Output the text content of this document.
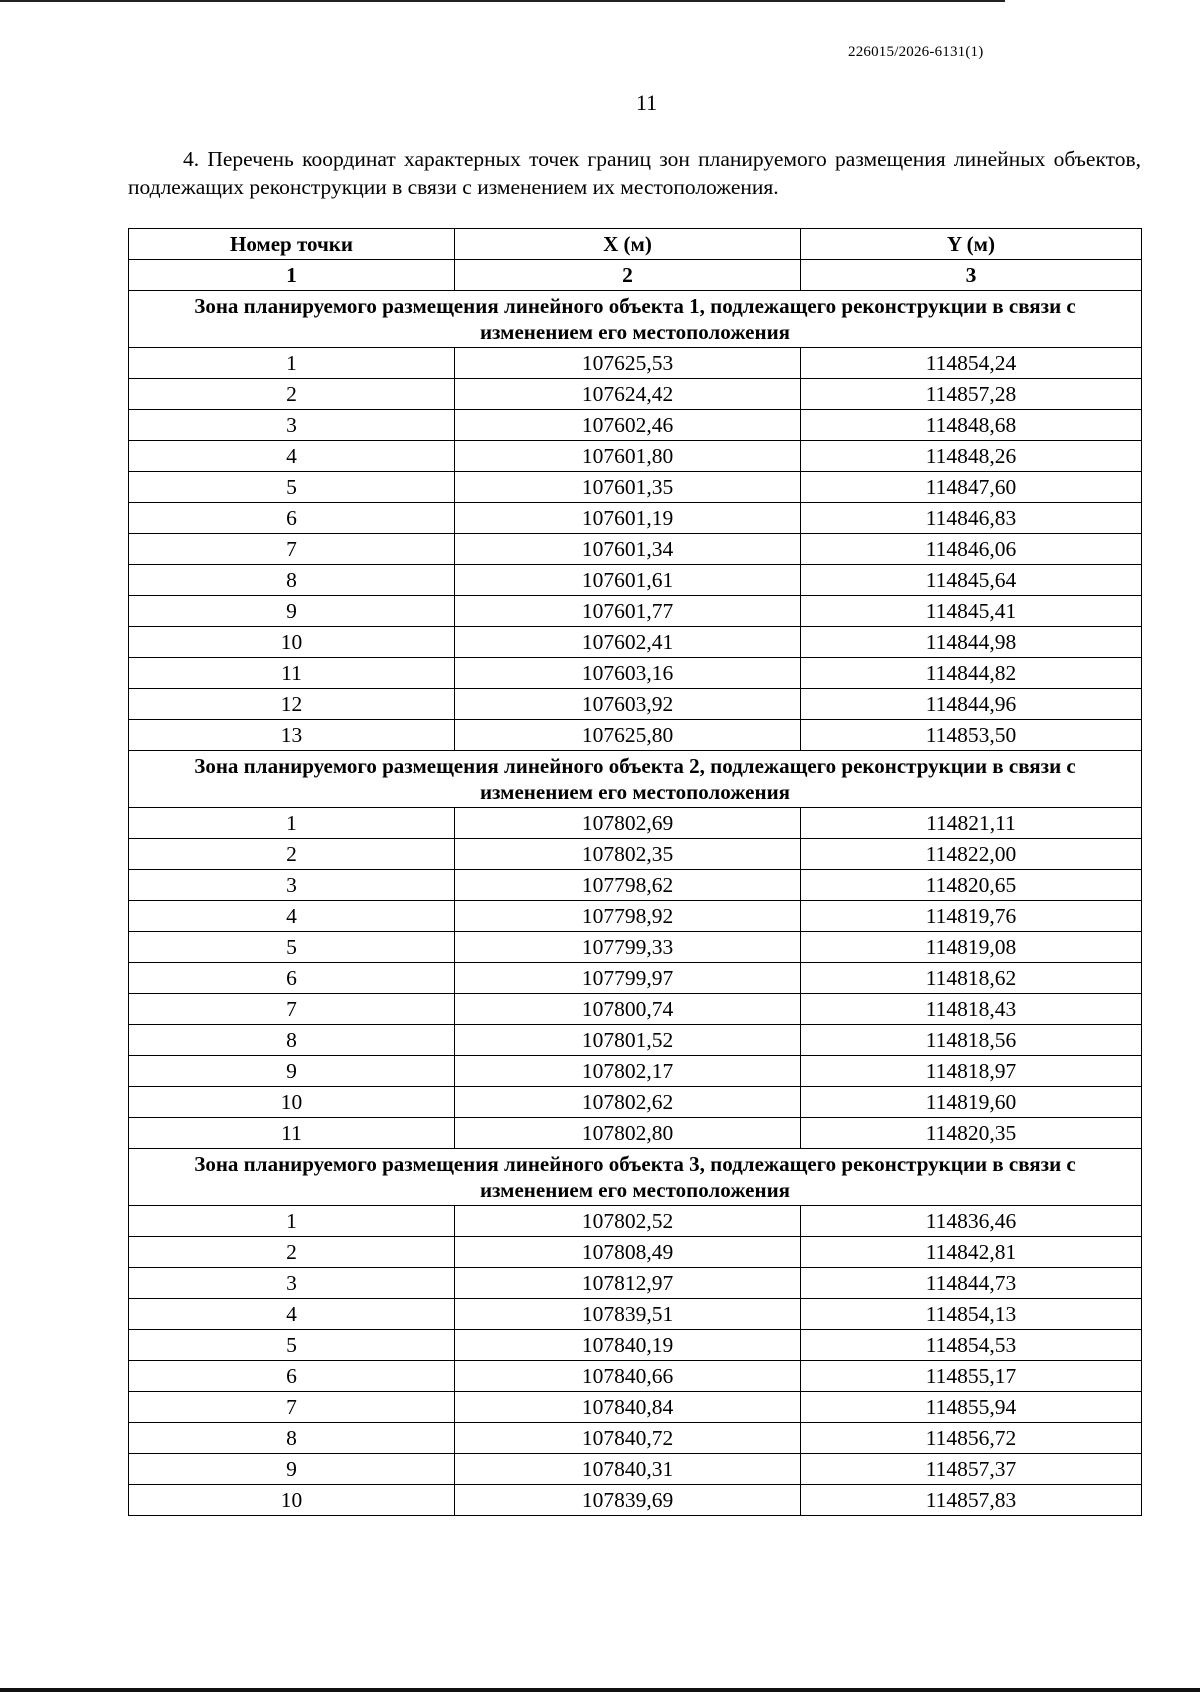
226015/2026-6131(1)
11
4. Перечень координат характерных точек границ зон планируемого размещения линейных объектов, подлежащих реконструкции в связи с изменением их местоположения.
Номер точки	X (м)	Y (м)
1	2	3
Зона планируемого размещения линейного объекта 1, подлежащего реконструкции в связи с изменением его местоположения		
1	107625,53	114854,24
2	107624,42	114857,28
3	107602,46	114848,68
4	107601,80	114848,26
5	107601,35	114847,60
6	107601,19	114846,83
7	107601,34	114846,06
8	107601,61	114845,64
9	107601,77	114845,41
10	107602,41	114844,98
11	107603,16	114844,82
12	107603,92	114844,96
13	107625,80	114853,50
Зона планируемого размещения линейного объекта 2, подлежащего реконструкции в связи с изменением его местоположения		
1	107802,69	114821,11
2	107802,35	114822,00
3	107798,62	114820,65
4	107798,92	114819,76
5	107799,33	114819,08
6	107799,97	114818,62
7	107800,74	114818,43
8	107801,52	114818,56
9	107802,17	114818,97
10	107802,62	114819,60
11	107802,80	114820,35
Зона планируемого размещения линейного объекта 3, подлежащего реконструкции в связи с изменением его местоположения		
1	107802,52	114836,46
2	107808,49	114842,81
3	107812,97	114844,73
4	107839,51	114854,13
5	107840,19	114854,53
6	107840,66	114855,17
7	107840,84	114855,94
8	107840,72	114856,72
9	107840,31	114857,37
10	107839,69	114857,83
